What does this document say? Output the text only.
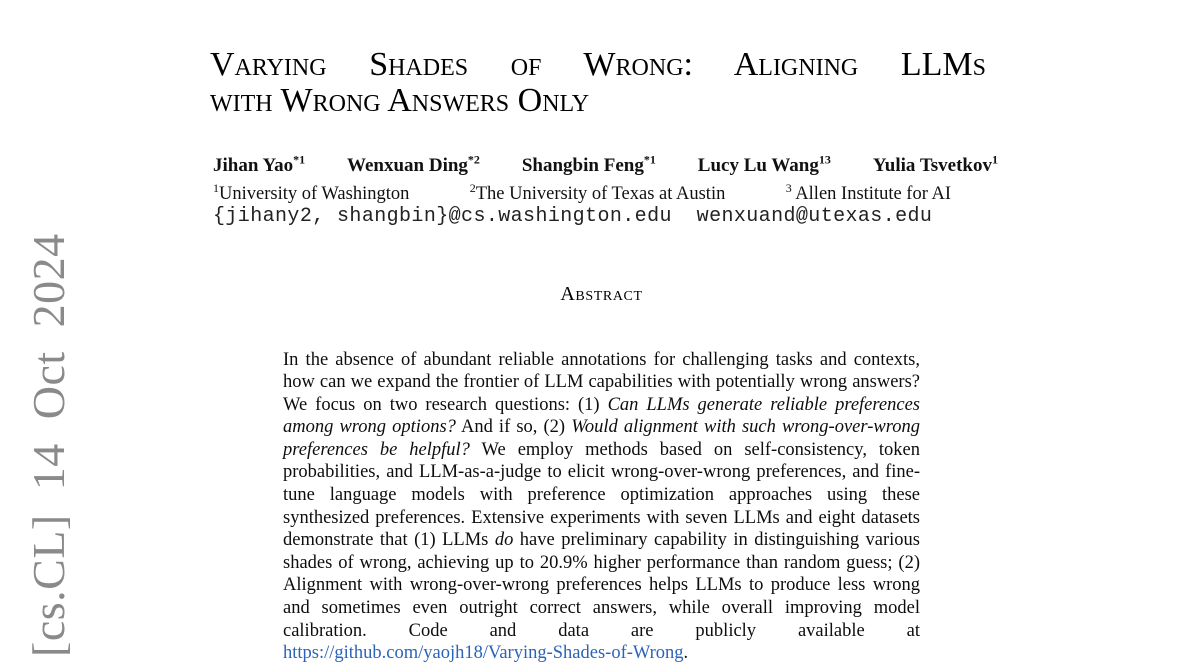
[cs.CL] 14 Oct 2024
Varying Shades of Wrong: Aligning LLMs
with Wrong Answers Only
Jihan Yao$^{*1}$ Wenxuan Ding$^{*2}$ Shangbin Feng$^{*1}$ Lucy Lu Wang$^{13}$ Yulia Tsvetkov$^1$
$^1$University of Washington	$^2$The University of Texas at Austin	$^3$ Allen Institute for AI
{jihany2, shangbin}@cs.washington.edu  wenxuand@utexas.edu
Abstract

In the absence of abundant reliable annotations for challenging tasks and contexts, how can we expand the frontier of LLM capabilities with potentially wrong answers? We focus on two research questions: (1) Can LLMs generate reliable preferences among wrong options? And if so, (2) Would alignment with such wrong-over-wrong preferences be helpful? We employ methods based on self-consistency, token probabilities, and LLM-as-a-judge to elicit wrong-over-wrong preferences, and fine-tune language models with preference optimization approaches using these synthesized preferences. Extensive experiments with seven LLMs and eight datasets demonstrate that (1) LLMs do have preliminary capability in distinguishing various shades of wrong, achieving up to 20.9% higher performance than random guess; (2) Alignment with wrong-over-wrong preferences helps LLMs to produce less wrong and sometimes even outright correct answers, while overall improving model calibration. Code and data are publicly available at https://github.com/yaojh18/Varying-Shades-of-Wrong.
